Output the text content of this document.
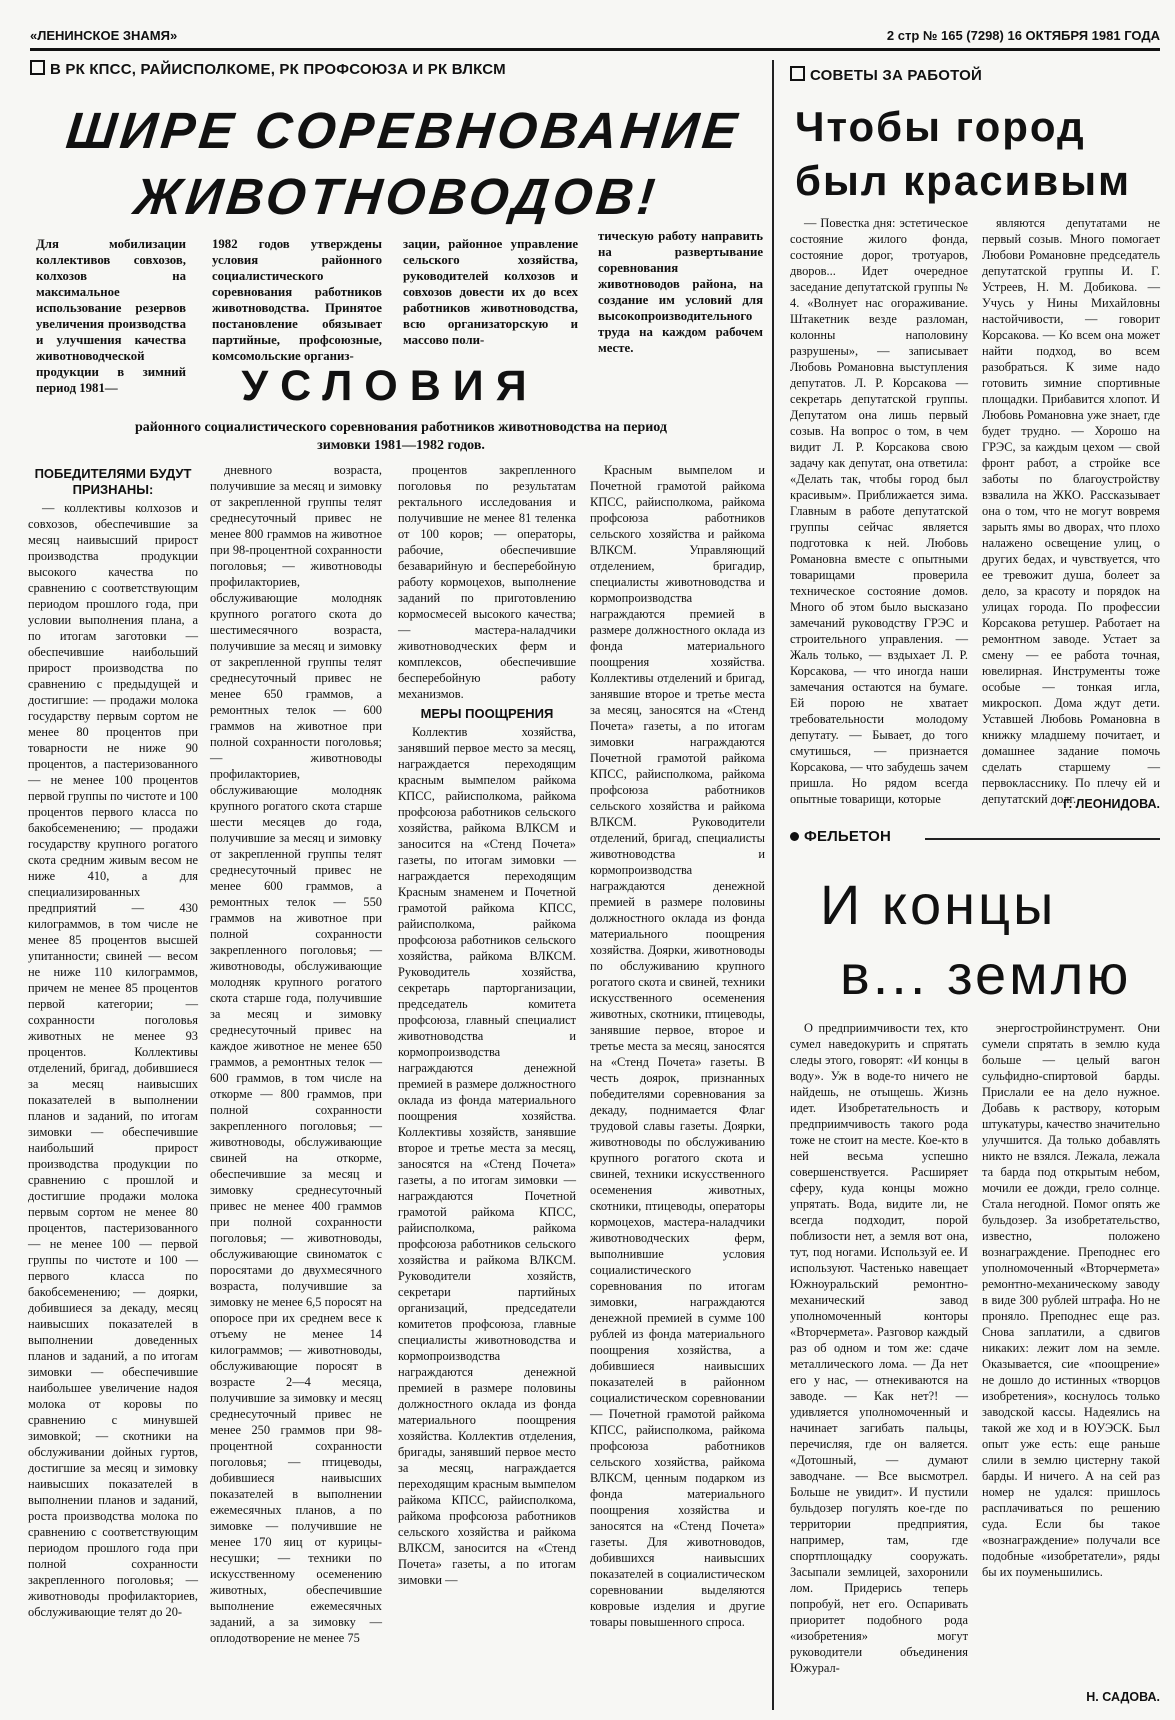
«ЛЕНИНСКОЕ ЗНАМЯ»	2 стр № 165 (7298) 16 ОКТЯБРЯ 1981 ГОДА
В РК КПСС, РАЙИСПОЛКОМЕ, РК ПРОФСОЮЗА И РК ВЛКСМ
ШИРЕ СОРЕВНОВАНИЕ
ЖИВОТНОВОДОВ!
Для мобилизации коллективов совхозов, колхозов на максимальное использование резервов увеличения производства и улучшения качества животноводческой продукции в зимний период 1981—
1982 годов утверждены условия районного социалистического соревнования работников животноводства. Принятое постановление обязывает партийные, профсоюзные, комсомольские организ-
зации, районное управление сельского хозяйства, руководителей колхозов и совхозов довести их до всех работников животноводства, всю организаторскую и массово поли-
тическую работу направить на развертывание соревнования животноводов района, на создание им условий для высокопроизводительного труда на каждом рабочем месте.
УСЛОВИЯ
районного социалистического соревнования работников животноводства на период
зимовки 1981—1982 годов.
ПОБЕДИТЕЛЯМИ БУДУТ ПРИЗНАНЫ:

— коллективы колхозов и совхозов, обеспечившие за месяц наивысший прирост производства продукции высокого качества по сравнению с соответствующим периодом прошлого года, при условии выполнения плана, а по итогам заготовки — обеспечившие наибольший прирост производства по сравнению с предыдущей и достигшие: — продажи молока государству первым сортом не менее 80 процентов при товарности не ниже 90 процентов, а пастеризованного — не менее 100 процентов первой группы по чистоте и 100 процентов первого класса по бакобсеменению; — продажи государству крупного рогатого скота средним живым весом не ниже 410, а для специализированных предприятий — 430 килограммов, в том числе не менее 85 процентов высшей упитанности; свиней — весом не ниже 110 килограммов, причем не менее 85 процентов первой категории; — сохранности поголовья животных не менее 93 процентов. Коллективы отделений, бригад, добившиеся за месяц наивысших показателей в выполнении планов и заданий, по итогам зимовки — обеспечившие наибольший прирост производства продукции по сравнению с прошлой и достигшие продажи молока первым сортом не менее 80 процентов, пастеризованного — не менее 100 — первой группы по чистоте и 100 — первого класса по бакобсеменению; — доярки, добившиеся за декаду, месяц наивысших показателей в выполнении доведенных планов и заданий, а по итогам зимовки — обеспечившие наибольшее увеличение надоя молока от коровы по сравнению с минувшей зимовкой; — скотники на обслуживании дойных гуртов, достигшие за месяц и зимовку наивысших показателей в выполнении планов и заданий, роста производства молока по сравнению с соответствующим периодом прошлого года при полной сохранности закрепленного поголовья; — животноводы профилакториев, обслуживающие телят до 20-

дневного возраста, получившие за месяц и зимовку от закрепленной группы телят среднесуточный привес не менее 800 граммов на животное при 98-процентной сохранности поголовья; — животноводы профилакториев, обслуживающие молодняк крупного рогатого скота до шестимесячного возраста, получившие за месяц и зимовку от закрепленной группы телят среднесуточный привес не менее 650 граммов, а ремонтных телок — 600 граммов на животное при полной сохранности поголовья; — животноводы профилакториев, обслуживающие молодняк крупного рогатого скота старше шести месяцев до года, получившие за месяц и зимовку от закрепленной группы телят среднесуточный привес не менее 600 граммов, а ремонтных телок — 550 граммов на животное при полной сохранности закрепленного поголовья; — животноводы, обслуживающие молодняк крупного рогатого скота старше года, получившие за месяц и зимовку среднесуточный привес на каждое животное не менее 650 граммов, а ремонтных телок — 600 граммов, в том числе на откорме — 800 граммов, при полной сохранности закрепленного поголовья; — животноводы, обслуживающие свиней на откорме, обеспечившие за месяц и зимовку среднесуточный привес не менее 400 граммов при полной сохранности поголовья; — животноводы, обслуживающие свиноматок с поросятами до двухмесячного возраста, получившие за зимовку не менее 6,5 поросят на опоросе при их среднем весе к отъему не менее 14 килограммов; — животноводы, обслуживающие поросят в возрасте 2—4 месяца, получившие за зимовку и месяц среднесуточный привес не менее 250 граммов при 98-процентной сохранности поголовья; — птицеводы, добившиеся наивысших показателей в выполнении ежемесячных планов, а по зимовке — получившие не менее 170 яиц от курицы-несушки; — техники по искусственному осеменению животных, обеспечившие выполнение ежемесячных заданий, а за зимовку — оплодотворение не менее 75

процентов закрепленного поголовья по результатам ректального исследования и получившие не менее 81 теленка от 100 коров; — операторы, рабочие, обеспечившие безаварийную и бесперебойную работу кормоцехов, выполнение заданий по приготовлению кормосмесей высокого качества; — мастера-наладчики животноводческих ферм и комплексов, обеспечившие бесперебойную работу механизмов.

МЕРЫ ПООЩРЕНИЯ

Коллектив хозяйства, занявший первое место за месяц, награждается переходящим красным вымпелом райкома КПСС, райисполкома, райкома профсоюза работников сельского хозяйства, райкома ВЛКСМ и заносится на «Стенд Почета» газеты, по итогам зимовки — награждается переходящим Красным знаменем и Почетной грамотой райкома КПСС, райисполкома, райкома профсоюза работников сельского хозяйства, райкома ВЛКСМ. Руководитель хозяйства, секретарь парторганизации, председатель комитета профсоюза, главный специалист животноводства и кормопроизводства награждаются денежной премией в размере должностного оклада из фонда материального поощрения хозяйства. Коллективы хозяйств, занявшие второе и третье места за месяц, заносятся на «Стенд Почета» газеты, а по итогам зимовки — награждаются Почетной грамотой райкома КПСС, райисполкома, райкома профсоюза работников сельского хозяйства и райкома ВЛКСМ. Руководители хозяйств, секретари партийных организаций, председатели комитетов профсоюза, главные специалисты животноводства и кормопроизводства награждаются денежной премией в размере половины должностного оклада из фонда материального поощрения хозяйства. Коллектив отделения, бригады, занявший первое место за месяц, награждается переходящим красным вымпелом райкома КПСС, райисполкома, райкома профсоюза работников сельского хозяйства и райкома ВЛКСМ, заносится на «Стенд Почета» газеты, а по итогам зимовки —

Красным вымпелом и Почетной грамотой райкома КПСС, райисполкома, райкома профсоюза работников сельского хозяйства и райкома ВЛКСМ. Управляющий отделением, бригадир, специалисты животноводства и кормопроизводства награждаются премией в размере должностного оклада из фонда материального поощрения хозяйства. Коллективы отделений и бригад, занявшие второе и третье места за месяц, заносятся на «Стенд Почета» газеты, а по итогам зимовки награждаются Почетной грамотой райкома КПСС, райисполкома, райкома профсоюза работников сельского хозяйства и райкома ВЛКСМ. Руководители отделений, бригад, специалисты животноводства и кормопроизводства награждаются денежной премией в размере половины должностного оклада из фонда материального поощрения хозяйства. Доярки, животноводы по обслуживанию крупного рогатого скота и свиней, техники искусственного осеменения животных, скотники, птицеводы, занявшие первое, второе и третье места за месяц, заносятся на «Стенд Почета» газеты. В честь доярок, признанных победителями соревнования за декаду, поднимается Флаг трудовой славы газеты. Доярки, животноводы по обслуживанию крупного рогатого скота и свиней, техники искусственного осеменения животных, скотники, птицеводы, операторы кормоцехов, мастера-наладчики животноводческих ферм, выполнившие условия социалистического соревнования по итогам зимовки, награждаются денежной премией в сумме 100 рублей из фонда материального поощрения хозяйства, а добившиеся наивысших показателей в районном социалистическом соревновании — Почетной грамотой райкома КПСС, райисполкома, райкома профсоюза работников сельского хозяйства, райкома ВЛКСМ, ценным подарком из фонда материального поощрения хозяйства и заносятся на «Стенд Почета» газеты. Для животноводов, добившихся наивысших показателей в социалистическом соревновании выделяются ковровые изделия и другие товары повышенного спроса.

СОВЕТЫ ЗА РАБОТОЙ
Чтобы город
был красивым

— Повестка дня: эстетическое состояние жилого фонда, состояние дорог, тротуаров, дворов... Идет очередное заседание депутатской группы № 4. «Волнует нас огораживание. Штакетник везде разломан, колонны наполовину разрушены», — записывает Любовь Романовна выступления депутатов. Л. Р. Корсакова — секретарь депутатской группы. Депутатом она лишь первый созыв. На вопрос о том, в чем видит Л. Р. Корсакова свою задачу как депутат, она ответила: «Делать так, чтобы город был красивым». Приближается зима. Главным в работе депутатской группы сейчас является подготовка к ней. Любовь Романовна вместе с опытными товарищами проверила техническое состояние домов. Много об этом было высказано замечаний руководству ГРЭС и строительного управления. — Жаль только, — вздыхает Л. Р. Корсакова, — что иногда наши замечания остаются на бумаге. Ей порою не хватает требовательности молодому депутату. — Бывает, до того смутишься, — признается Корсакова, — что забудешь зачем пришла. Но рядом всегда опытные товарищи, которые

являются депутатами не первый созыв. Много помогает Любови Романовне председатель депутатской группы И. Г. Устреев, Н. М. Добикова. — Учусь у Нины Михайловны настойчивости, — говорит Корсакова. — Ко всем она может найти подход, во всем разобраться. К зиме надо готовить зимние спортивные площадки. Прибавится хлопот. И Любовь Романовна уже знает, где будет трудно. — Хорошо на ГРЭС, за каждым цехом — свой фронт работ, а стройке все заботы по благоустройству взвалила на ЖКО. Рассказывает она о том, что не могут вовремя зарыть ямы во дворах, что плохо налажено освещение улиц, о других бедах, и чувствуется, что ее тревожит душа, болеет за дело, за красоту и порядок на улицах города. По профессии Корсакова ретушер. Работает на ремонтном заводе. Устает за смену — ее работа точная, ювелирная. Инструменты тоже особые — тонкая игла, микроскоп. Дома ждут дети. Уставшей Любовь Романовна в книжку младшему почитает, и домашнее задание помочь сделать старшему — первокласснику. По плечу ей и депутатский долг.

Г. ЛЕОНИДОВА.
ФЕЛЬЕТОН
И концы
в... землю

О предприимчивости тех, кто сумел наведокурить и спрятать следы этого, говорят: «И концы в воду». Уж в воде-то ничего не найдешь, не отыщешь. Жизнь идет. Изобретательность и предприимчивость такого рода тоже не стоит на месте. Кое-кто в ней весьма успешно совершенствуется. Расширяет сферу, куда концы можно упрятать. Вода, видите ли, не всегда подходит, порой поблизости нет, а земля вот она, тут, под ногами. Используй ее. И используют. Частенько навещает Южноуральский ремонтно-механический завод уполномоченный конторы «Вторчермета». Разговор каждый раз об одном и том же: сдаче металлического лома. — Да нет его у нас, — отнекиваются на заводе. — Как нет?! — удивляется уполномоченный и начинает загибать пальцы, перечисляя, где он валяется. «Дотошный, — думают заводчане. — Все высмотрел. Больше не увидит». И пустили бульдозер погулять кое-где по территории предприятия, например, там, где спортплощадку сооружать. Засыпали землицей, захоронили лом. Придерись теперь попробуй, нет его. Оспаривать приоритет подобного рода «изобретения» могут руководители объединения Южурал-

энергостройинструмент. Они сумели спрятать в землю куда больше — целый вагон сульфидно-спиртовой барды. Прислали ее на дело нужное. Добавь к раствору, которым штукатуры, качество значительно улучшится. Да только добавлять никто не взялся. Лежала, лежала та барда под открытым небом, мочили ее дожди, грело солнце. Стала негодной. Помог опять же бульдозер. За изобретательство, известно, положено вознаграждение. Преподнес его уполномоченный «Вторчермета» ремонтно-механическому заводу в виде 300 рублей штрафа. Но не проняло. Преподнес еще раз. Снова заплатили, а сдвигов никаких: лежит лом на земле. Оказывается, сие «поощрение» не дошло до истинных «творцов изобретения», коснулось только заводской кассы. Надеялись на такой же ход и в ЮУЭСК. Был опыт уже есть: еще раньше слили в землю цистерну такой барды. И ничего. А на сей раз номер не удался: пришлось расплачиваться по решению суда. Если бы такое «вознаграждение» получали все подобные «изобретатели», ряды бы их поуменьшились.

Н. САДОВА.
